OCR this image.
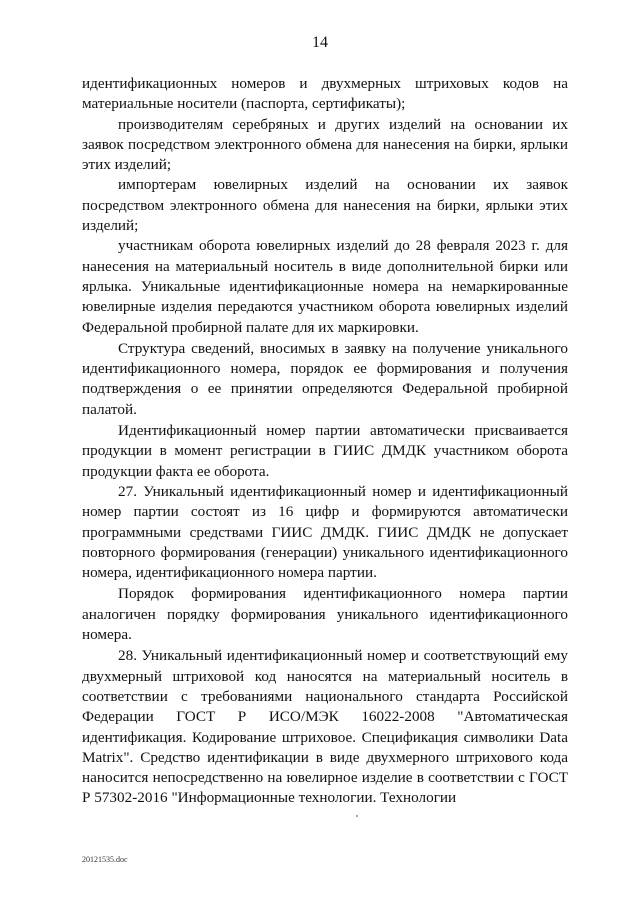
14

идентификационных номеров и двухмерных штриховых кодов на материальные носители (паспорта, сертификаты);

производителям серебряных и других изделий на основании их заявок посредством электронного обмена для нанесения на бирки, ярлыки этих изделий;

импортерам ювелирных изделий на основании их заявок посредством электронного обмена для нанесения на бирки, ярлыки этих изделий;

участникам оборота ювелирных изделий до 28 февраля 2023 г. для нанесения на материальный носитель в виде дополнительной бирки или ярлыка. Уникальные идентификационные номера на немаркированные ювелирные изделия передаются участником оборота ювелирных изделий Федеральной пробирной палате для их маркировки.

Структура сведений, вносимых в заявку на получение уникального идентификационного номера, порядок ее формирования и получения подтверждения о ее принятии определяются Федеральной пробирной палатой.

Идентификационный номер партии автоматически присваивается продукции в момент регистрации в ГИИС ДМДК участником оборота продукции факта ее оборота.

27. Уникальный идентификационный номер и идентификационный номер партии состоят из 16 цифр и формируются автоматически программными средствами ГИИС ДМДК. ГИИС ДМДК не допускает повторного формирования (генерации) уникального идентификационного номера, идентификационного номера партии.

Порядок формирования идентификационного номера партии аналогичен порядку формирования уникального идентификационного номера.

28. Уникальный идентификационный номер и соответствующий ему двухмерный штриховой код наносятся на материальный носитель в соответствии с требованиями национального стандарта Российской Федерации ГОСТ Р ИСО/МЭК 16022-2008 "Автоматическая идентификация. Кодирование штриховое. Спецификация символики Data Matrix". Средство идентификации в виде двухмерного штрихового кода наносится непосредственно на ювелирное изделие в соответствии с ГОСТ Р 57302-2016 "Информационные технологии. Технологии

20121535.doc
